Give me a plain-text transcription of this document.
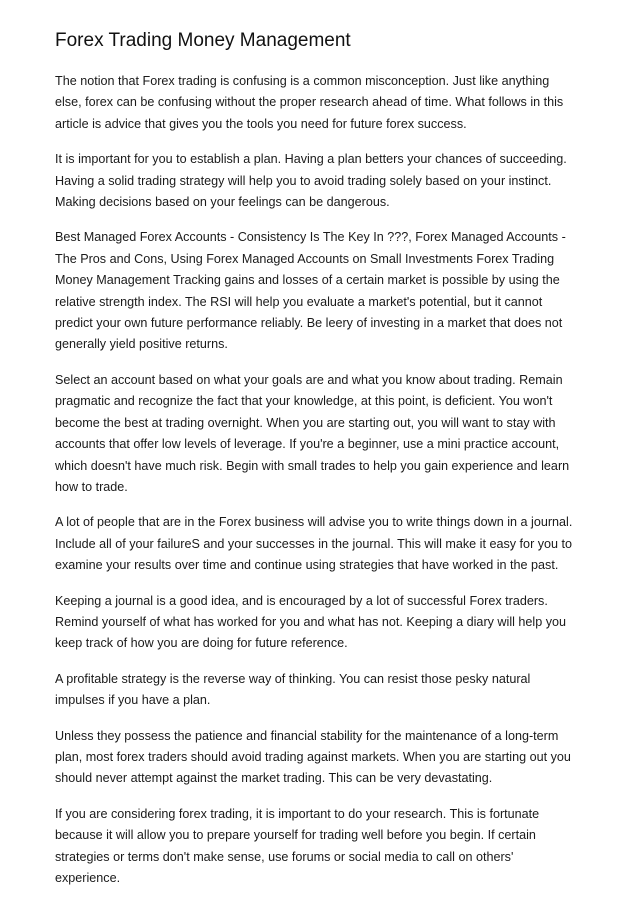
Forex Trading Money Management

The notion that Forex trading is confusing is a common misconception. Just like anything
else, forex can be confusing without the proper research ahead of time. What follows in this
article is advice that gives you the tools you need for future forex success.

It is important for you to establish a plan. Having a plan betters your chances of succeeding.
Having a solid trading strategy will help you to avoid trading solely based on your instinct.
Making decisions based on your feelings can be dangerous.

Best Managed Forex Accounts - Consistency Is The Key In ???, Forex Managed Accounts -
The Pros and Cons, Using Forex Managed Accounts on Small Investments Forex Trading
Money Management Tracking gains and losses of a certain market is possible by using the
relative strength index. The RSI will help you evaluate a market's potential, but it cannot
predict your own future performance reliably. Be leery of investing in a market that does not
generally yield positive returns.

Select an account based on what your goals are and what you know about trading. Remain
pragmatic and recognize the fact that your knowledge, at this point, is deficient. You won't
become the best at trading overnight. When you are starting out, you will want to stay with
accounts that offer low levels of leverage. If you're a beginner, use a mini practice account,
which doesn't have much risk. Begin with small trades to help you gain experience and learn
how to trade.

A lot of people that are in the Forex business will advise you to write things down in a journal.
Include all of your failureS and your successes in the journal. This will make it easy for you to
examine your results over time and continue using strategies that have worked in the past.

Keeping a journal is a good idea, and is encouraged by a lot of successful Forex traders.
Remind yourself of what has worked for you and what has not. Keeping a diary will help you
keep track of how you are doing for future reference.

A profitable strategy is the reverse way of thinking. You can resist those pesky natural
impulses if you have a plan.

Unless they possess the patience and financial stability for the maintenance of a long-term
plan, most forex traders should avoid trading against markets. When you are starting out you
should never attempt against the market trading. This can be very devastating.

If you are considering forex trading, it is important to do your research. This is fortunate
because it will allow you to prepare yourself for trading well before you begin. If certain
strategies or terms don't make sense, use forums or social media to call on others'
experience.
